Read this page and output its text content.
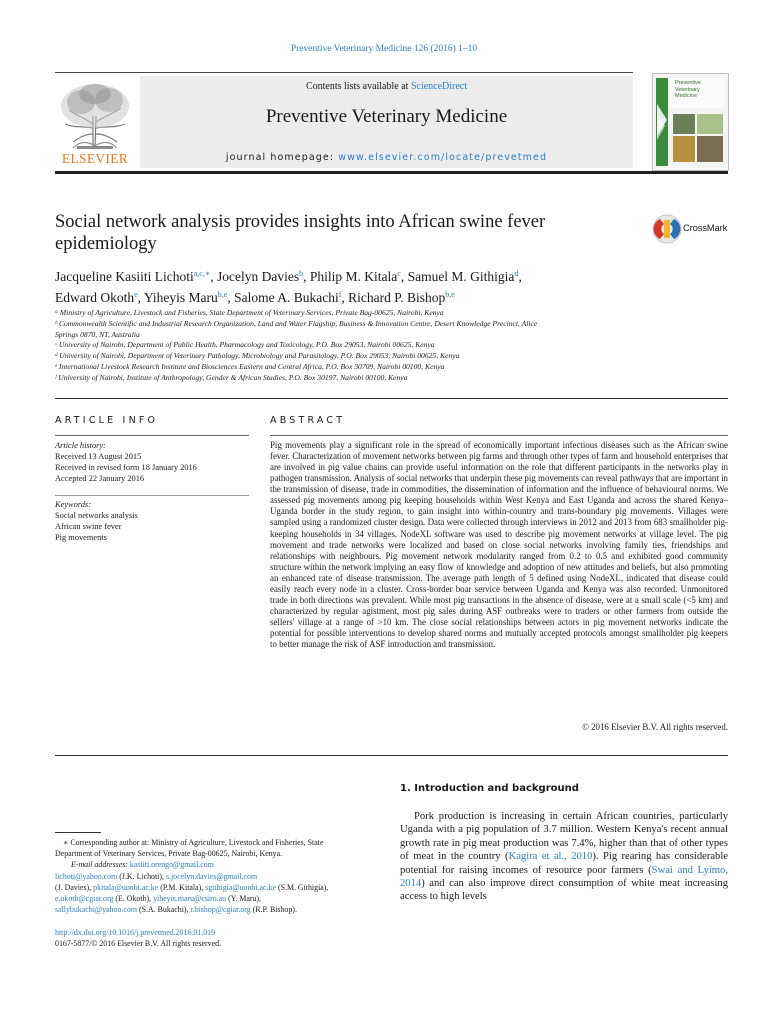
Preventive Veterinary Medicine 126 (2016) 1–10
ELSEVIER
Contents lists available at ScienceDirect
Preventive Veterinary Medicine
journal homepage: www.elsevier.com/locate/prevetmed
Preventive Veterinary Medicine
Social network analysis provides insights into African swine fever epidemiology
CrossMark
Jacqueline Kasiiti Lichoti$^{a,c,∗}$, Jocelyn Davies$^b$, Philip M. Kitala$^c$, Samuel M. Githigia$^d$,
Edward Okoth$^e$, Yiheyis Maru$^{b,e}$, Salome A. Bukachi$^f$, Richard P. Bishop$^{b,e}$
ᵃ Ministry of Agriculture, Livestock and Fisheries, State Department of Veterinary Services, Private Bag-00625, Nairobi, Kenya
ᵇ Commonwealth Scientific and Industrial Research Organization, Land and Water Flagship, Business & Innovation Centre, Desert Knowledge Precinct, Alice
Springs 0870, NT, Australia
ᶜ University of Nairobi, Department of Public Health, Pharmacology and Toxicology, P.O. Box 29053, Nairobi 00625, Kenya
ᵈ University of Nairobi, Department of Veterinary Pathology, Microbiology and Parasitology, P.O. Box 29053, Nairobi 00625, Kenya
ᵉ International Livestock Research Institute and Biosciences Eastern and Central Africa, P.O. Box 30709, Nairobi 00100, Kenya
ᶠ University of Nairobi, Institute of Anthropology, Gender & African Studies, P.O. Box 30197, Nairobi 00100, Kenya
ARTICLE INFO	ABSTRACT
Article history:
Received 13 August 2015
Received in revised form 18 January 2016
Accepted 22 January 2016
Keywords:
Social networks analysis
African swine fever
Pig movements

Pig movements play a significant role in the spread of economically important infectious diseases such as the African swine fever. Characterization of movement networks between pig farms and through other types of farm and household enterprises that are involved in pig value chains can provide useful information on the role that different participants in the networks play in pathogen transmission. Analysis of social networks that underpin these pig movements can reveal pathways that are important in the transmission of disease, trade in commodities, the dissemination of information and the influence of behavioural norms. We assessed pig movements among pig keeping households within West Kenya and East Uganda and across the shared Kenya–Uganda border in the study region, to gain insight into within-country and trans-boundary pig movements. Villages were sampled using a randomized cluster design. Data were collected through interviews in 2012 and 2013 from 683 smallholder pig-keeping households in 34 villages. NodeXL software was used to describe pig movement networks at village level. The pig movement and trade networks were localized and based on close social networks involving family ties, friendships and relationships with neighbours. Pig movement network modularity ranged from 0.2 to 0.5 and exhibited good community structure within the network implying an easy flow of knowledge and adoption of new attitudes and beliefs, but also promoting an enhanced rate of disease transmission. The average path length of 5 defined using NodeXL, indicated that disease could easily reach every node in a cluster. Cross-border boar service between Uganda and Kenya was also recorded. Unmonitored trade in both directions was prevalent. While most pig transactions in the absence of disease, were at a small scale (<5 km) and characterized by regular agistment, most pig sales during ASF outbreaks were to traders or other farmers from outside the sellers' village at a range of >10 km. The close social relationships between actors in pig movement networks indicate the potential for possible interventions to develop shared norms and mutually accepted protocols amongst smallholder pig keepers to better manage the risk of ASF introduction and transmission.

© 2016 Elsevier B.V. All rights reserved.
1. Introduction and background

Pork production is increasing in certain African countries, particularly Uganda with a pig population of 3.7 million. Western Kenya's recent annual growth rate in pig meat production was 7.4%, higher than that of other types of meat in the country (Kagira et al., 2010). Pig rearing has considerable potential for raising incomes of resource poor farmers (Swai and Lyimo, 2014) and can also improve direct consumption of white meat increasing access to high levels

∗ Corresponding author at: Ministry of Agriculture, Livestock and Fisheries, State
Department of Veterinary Services, Private Bag-00625, Nairobi, Kenya.
E-mail addresses: kasiiti.orengo@gmail.com
lichoti@yahoo.com (J.K. Lichoti), s.jocelyn.davies@gmail.com
(J. Davies), pkitala@uonbi.ac.ke (P.M. Kitala), sgithigia@uonbi.ac.ke (S.M. Githigia),
e.okoth@cgiar.org (E. Okoth), yiheyis.maru@csiro.au (Y. Maru),
sallybukachi@yahoo.com (S.A. Bukachi), r.bishop@cgiar.org (R.P. Bishop).
http://dx.doi.org/10.1016/j.prevetmed.2016.01.019
0167-5877/© 2016 Elsevier B.V. All rights reserved.
